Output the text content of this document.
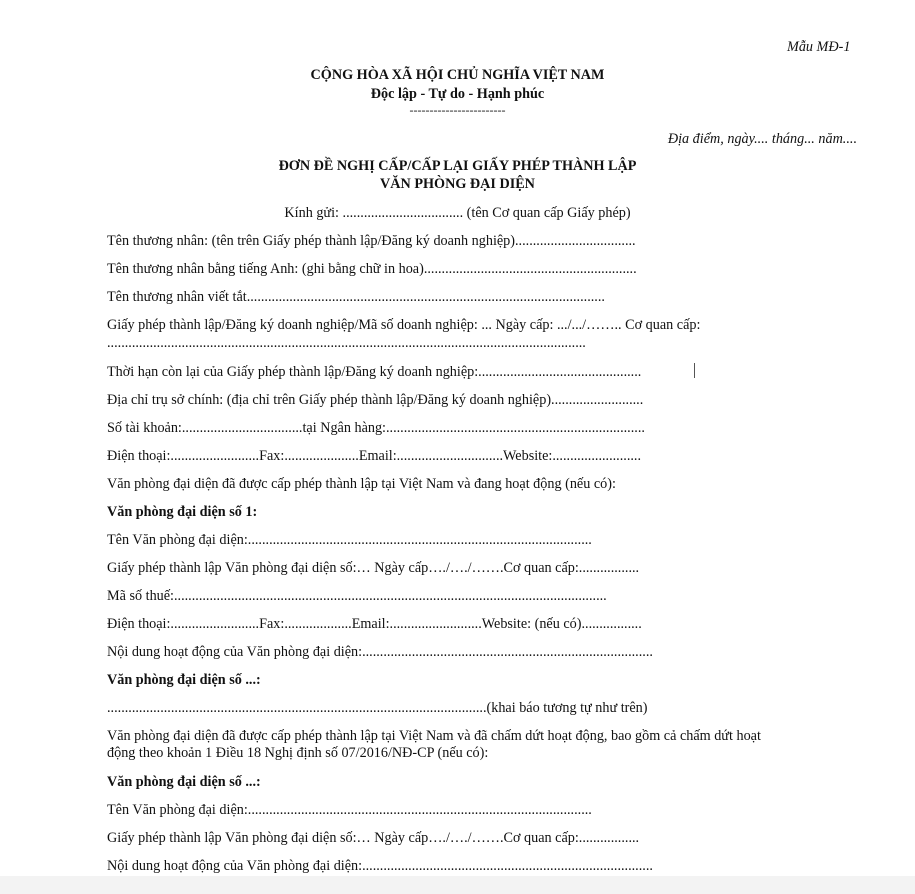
Mẫu MĐ-1
CỘNG HÒA XÃ HỘI CHỦ NGHĨA VIỆT NAM
Độc lập - Tự do - Hạnh phúc
------------------------
Địa điểm, ngày.... tháng... năm....
ĐƠN ĐỀ NGHỊ CẤP/CẤP LẠI GIẤY PHÉP THÀNH LẬP
VĂN PHÒNG ĐẠI DIỆN
Kính gửi: .................................. (tên Cơ quan cấp Giấy phép)
Tên thương nhân: (tên trên Giấy phép thành lập/Đăng ký doanh nghiệp)..................................
Tên thương nhân bằng tiếng Anh: (ghi bằng chữ in hoa)............................................................
Tên thương nhân viết tắt.....................................................................................................
Giấy phép thành lập/Đăng ký doanh nghiệp/Mã số doanh nghiệp: ... Ngày cấp: .../.../…….. Cơ quan cấp:
.......................................................................................................................................
Thời hạn còn lại của Giấy phép thành lập/Đăng ký doanh nghiệp:..............................................
Địa chỉ trụ sở chính: (địa chỉ trên Giấy phép thành lập/Đăng ký doanh nghiệp)..........................
Số tài khoản:..................................tại Ngân hàng:.........................................................................
Điện thoại:.........................Fax:.....................Email:..............................Website:.........................
Văn phòng đại diện đã được cấp phép thành lập tại Việt Nam và đang hoạt động (nếu có):
Văn phòng đại diện số 1:
Tên Văn phòng đại diện:.................................................................................................
Giấy phép thành lập Văn phòng đại diện số:… Ngày cấp…./…./…….Cơ quan cấp:.................
Mã số thuế:..........................................................................................................................
Điện thoại:.........................Fax:...................Email:..........................Website: (nếu có).................
Nội dung hoạt động của Văn phòng đại diện:..................................................................................
Văn phòng đại diện số ...:
...........................................................................................................(khai báo tương tự như trên)
Văn phòng đại diện đã được cấp phép thành lập tại Việt Nam và đã chấm dứt hoạt động, bao gồm cả chấm dứt hoạt
động theo khoản 1 Điều 18 Nghị định số 07/2016/NĐ-CP (nếu có):
Văn phòng đại diện số ...:
Tên Văn phòng đại diện:.................................................................................................
Giấy phép thành lập Văn phòng đại diện số:… Ngày cấp…./…./…….Cơ quan cấp:.................
Nội dung hoạt động của Văn phòng đại diện:..................................................................................
